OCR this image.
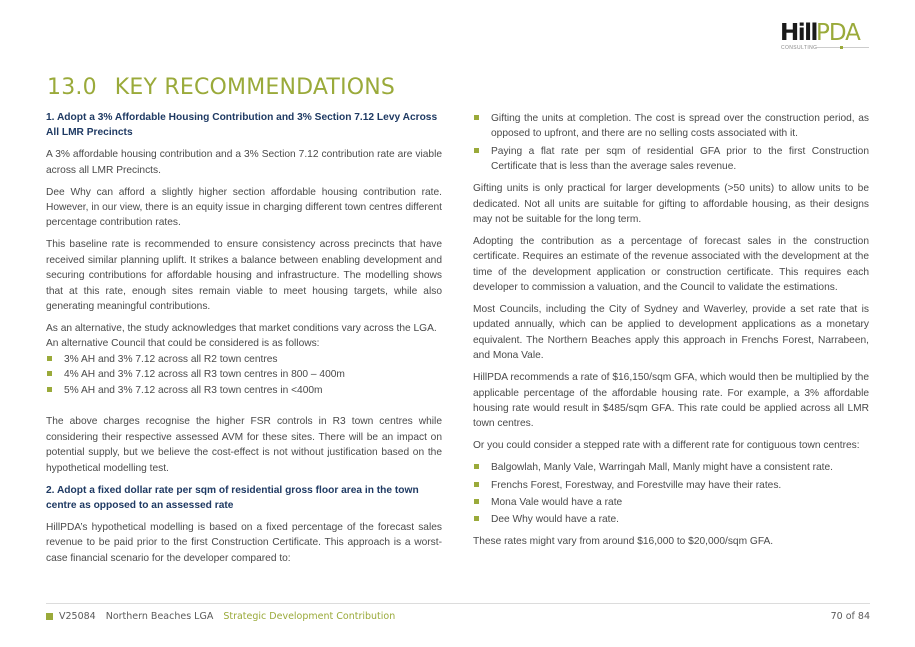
Hill PDA
CONSULTING
13.0 KEY RECOMMENDATIONS
1. Adopt a 3% Affordable Housing Contribution and 3% Section 7.12 Levy Across All LMR Precincts

A 3% affordable housing contribution and a 3% Section 7.12 contribution rate are viable across all LMR Precincts.

Dee Why can afford a slightly higher section affordable housing contribution rate. However, in our view, there is an equity issue in charging different town centres different percentage contribution rates.

This baseline rate is recommended to ensure consistency across precincts that have received similar planning uplift. It strikes a balance between enabling development and securing contributions for affordable housing and infrastructure. The modelling shows that at this rate, enough sites remain viable to meet housing targets, while also generating meaningful contributions.

As an alternative, the study acknowledges that market conditions vary across the LGA.
An alternative Council that could be considered is as follows:

3% AH and 3% 7.12 across all R2 town centres
4% AH and 3% 7.12 across all R3 town centres in 800 – 400m
5% AH and 3% 7.12 across all R3 town centres in <400m

The above charges recognise the higher FSR controls in R3 town centres while considering their respective assessed AVM for these sites. There will be an impact on potential supply, but we believe the cost-effect is not without justification based on the hypothetical modelling test.

2. Adopt a fixed dollar rate per sqm of residential gross floor area in the town centre as opposed to an assessed rate

HillPDA’s hypothetical modelling is based on a fixed percentage of the forecast sales revenue to be paid prior to the first Construction Certificate. This approach is a worst-case financial scenario for the developer compared to:

Gifting the units at completion. The cost is spread over the construction period, as opposed to upfront, and there are no selling costs associated with it.
Paying a flat rate per sqm of residential GFA prior to the first Construction Certificate that is less than the average sales revenue.

Gifting units is only practical for larger developments (>50 units) to allow units to be dedicated. Not all units are suitable for gifting to affordable housing, as their designs may not be suitable for the long term.

Adopting the contribution as a percentage of forecast sales in the construction certificate. Requires an estimate of the revenue associated with the development at the time of the development application or construction certificate. This requires each developer to commission a valuation, and the Council to validate the estimations.

Most Councils, including the City of Sydney and Waverley, provide a set rate that is updated annually, which can be applied to development applications as a monetary equivalent. The Northern Beaches apply this approach in Frenchs Forest, Narrabeen, and Mona Vale.

HillPDA recommends a rate of $16,150/sqm GFA, which would then be multiplied by the applicable percentage of the affordable housing rate. For example, a 3% affordable housing rate would result in $485/sqm GFA. This rate could be applied across all LMR town centres.

Or you could consider a stepped rate with a different rate for contiguous town centres:

Balgowlah, Manly Vale, Warringah Mall, Manly might have a consistent rate.
Frenchs Forest, Forestway, and Forestville may have their rates.
Mona Vale would have a rate
Dee Why would have a rate.

These rates might vary from around $16,000 to $20,000/sqm GFA.

V25084 Northern Beaches LGA Strategic Development Contribution	70 of 84
